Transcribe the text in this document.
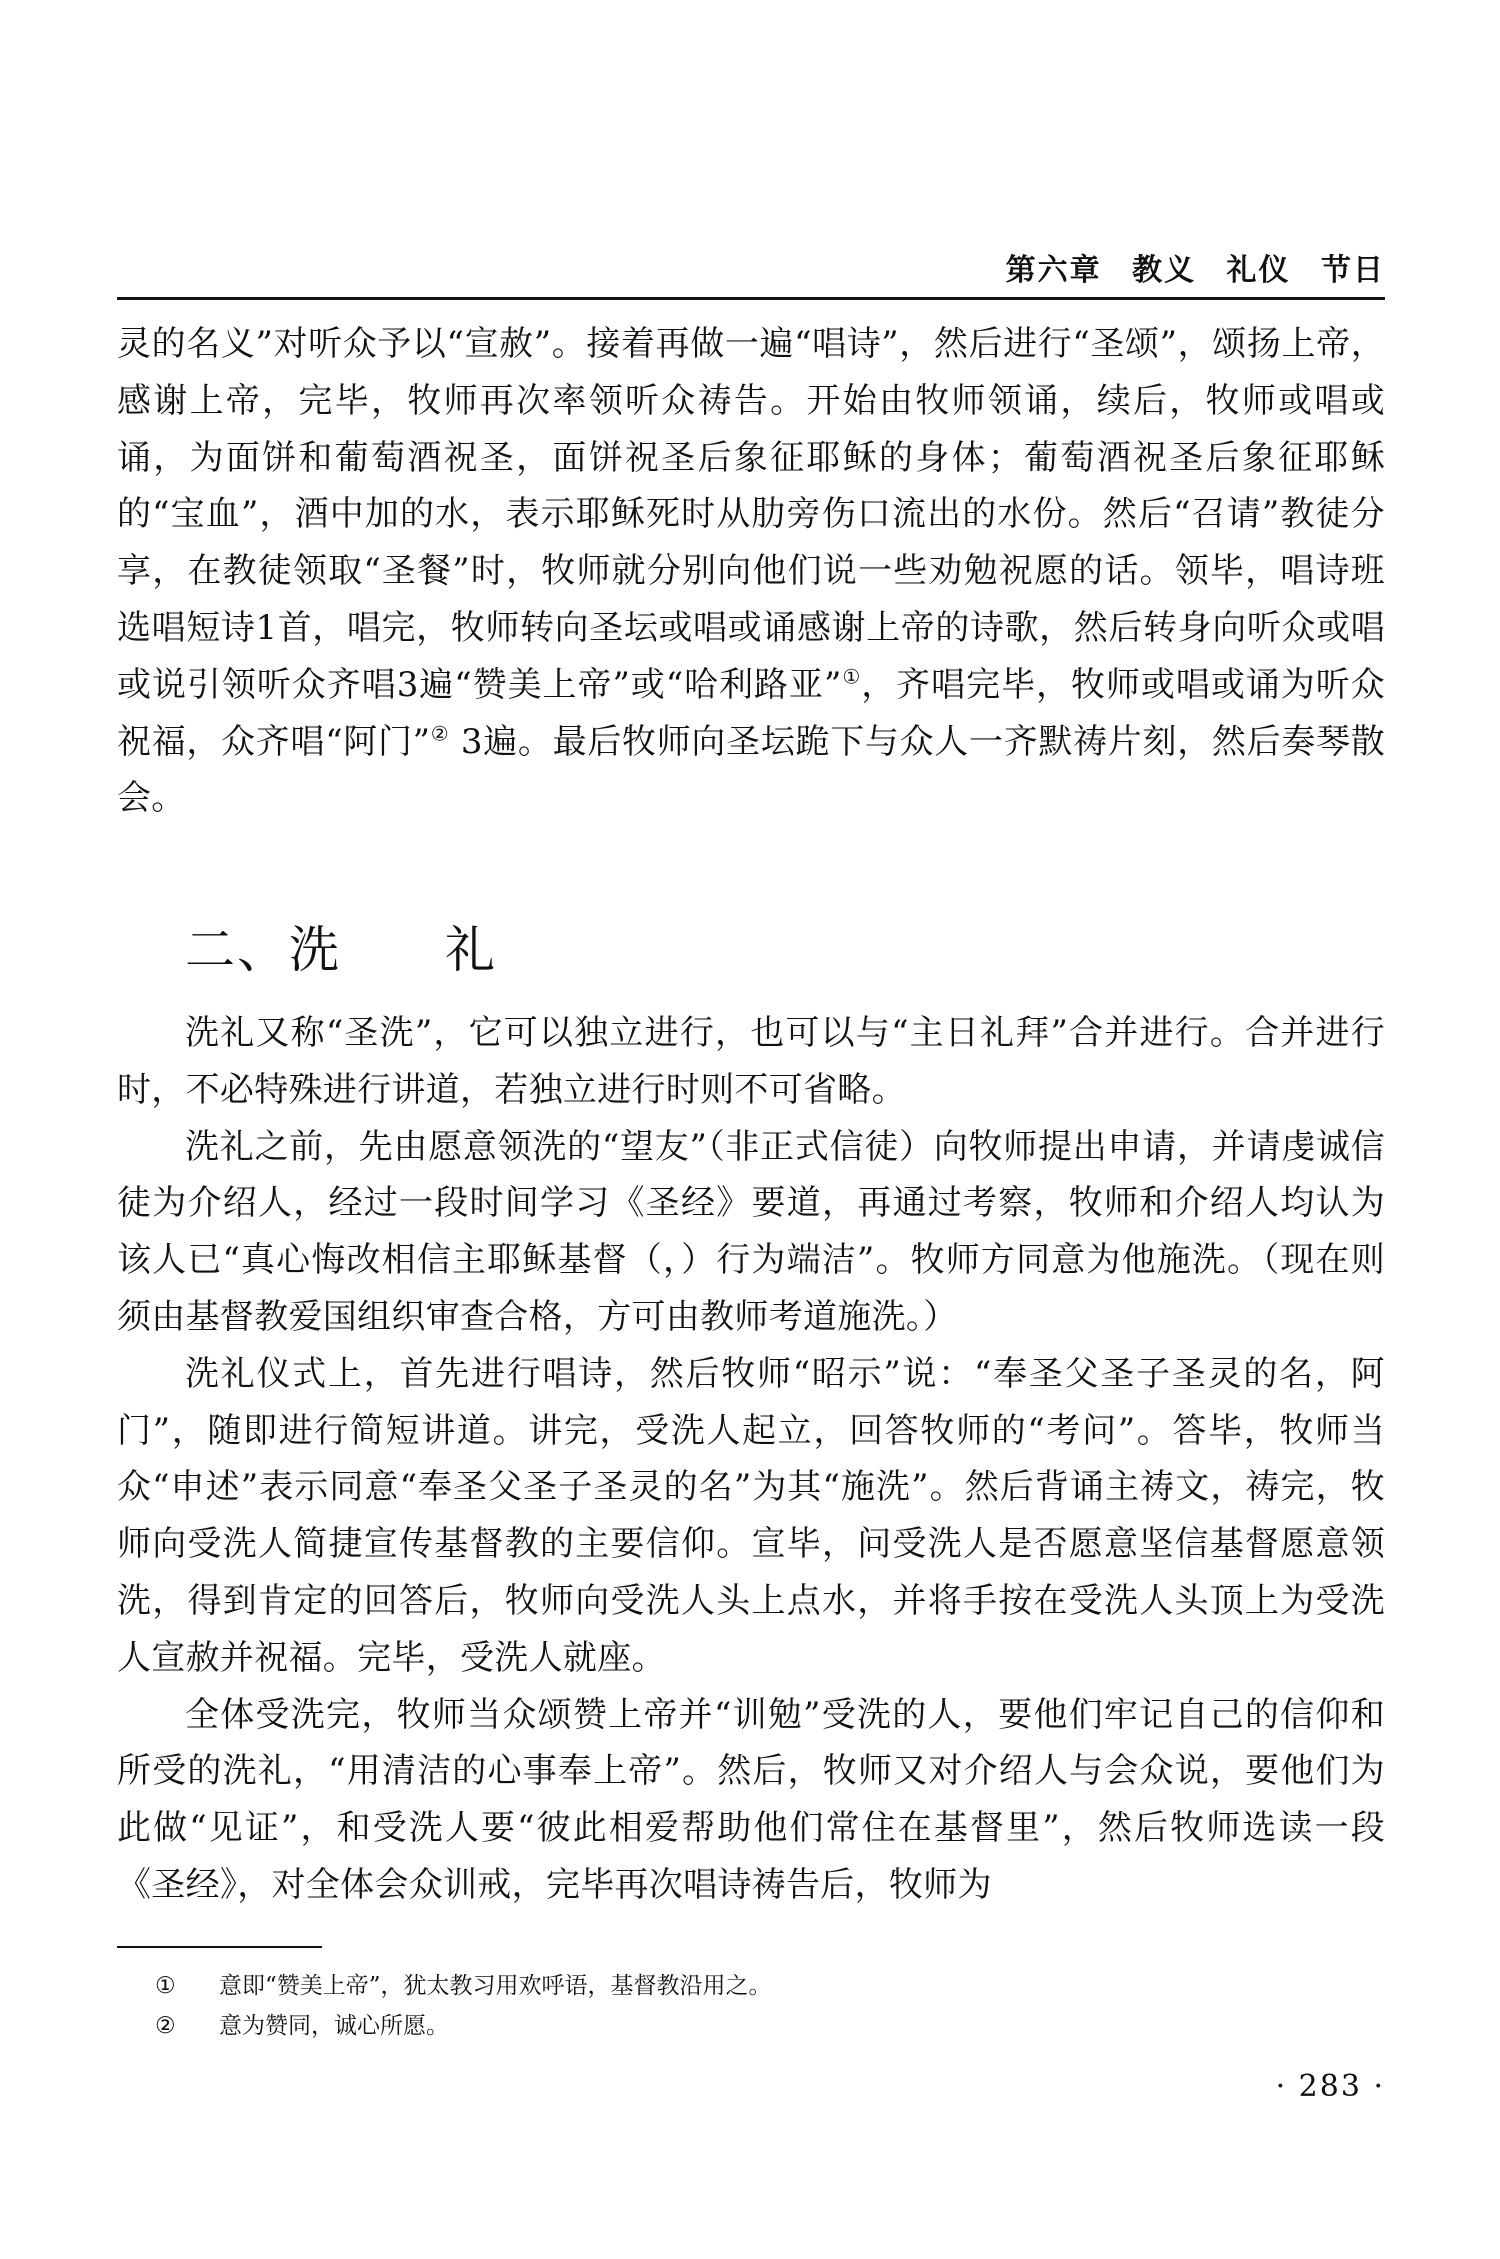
第六章 教义 礼仪 节日

灵的名义”对听众予以“宣赦”。接着再做一遍“唱诗”，然后进行“圣颂”，颂扬上帝，感谢上帝，完毕，牧师再次率领听众祷告。开始由牧师领诵，续后，牧师或唱或诵，为面饼和葡萄酒祝圣，面饼祝圣后象征耶稣的身体；葡萄酒祝圣后象征耶稣的“宝血”，酒中加的水，表示耶稣死时从肋旁伤口流出的水份。然后“召请”教徒分享，在教徒领取“圣餐”时，牧师就分别向他们说一些劝勉祝愿的话。领毕，唱诗班选唱短诗1首，唱完，牧师转向圣坛或唱或诵感谢上帝的诗歌，然后转身向听众或唱或说引领听众齐唱3遍“赞美上帝”或“哈利路亚”①，齐唱完毕，牧师或唱或诵为听众祝福，众齐唱“阿门”② 3遍。最后牧师向圣坛跪下与众人一齐默祷片刻，然后奏琴散会。

二、洗　　礼

洗礼又称“圣洗”，它可以独立进行，也可以与“主日礼拜”合并进行。合并进行时，不必特殊进行讲道，若独立进行时则不可省略。

洗礼之前，先由愿意领洗的“望友”（非正式信徒）向牧师提出申请，并请虔诚信徒为介绍人，经过一段时间学习《圣经》要道，再通过考察，牧师和介绍人均认为该人已“真心悔改相信主耶稣基督（，）行为端洁”。牧师方同意为他施洗。（现在则须由基督教爱国组织审查合格，方可由教师考道施洗。）

洗礼仪式上，首先进行唱诗，然后牧师“昭示”说：“奉圣父圣子圣灵的名，阿门”，随即进行简短讲道。讲完，受洗人起立，回答牧师的“考问”。答毕，牧师当众“申述”表示同意“奉圣父圣子圣灵的名”为其“施洗”。然后背诵主祷文，祷完，牧师向受洗人简捷宣传基督教的主要信仰。宣毕，问受洗人是否愿意坚信基督愿意领洗，得到肯定的回答后，牧师向受洗人头上点水，并将手按在受洗人头顶上为受洗人宣赦并祝福。完毕，受洗人就座。

全体受洗完，牧师当众颂赞上帝并“训勉”受洗的人，要他们牢记自己的信仰和所受的洗礼，“用清洁的心事奉上帝”。然后，牧师又对介绍人与会众说，要他们为此做“见证”，和受洗人要“彼此相爱帮助他们常住在基督里”，然后牧师选读一段《圣经》，对全体会众训戒，完毕再次唱诗祷告后，牧师为

① 意即“赞美上帝”，犹太教习用欢呼语，基督教沿用之。

② 意为赞同，诚心所愿。

· 283 ·
